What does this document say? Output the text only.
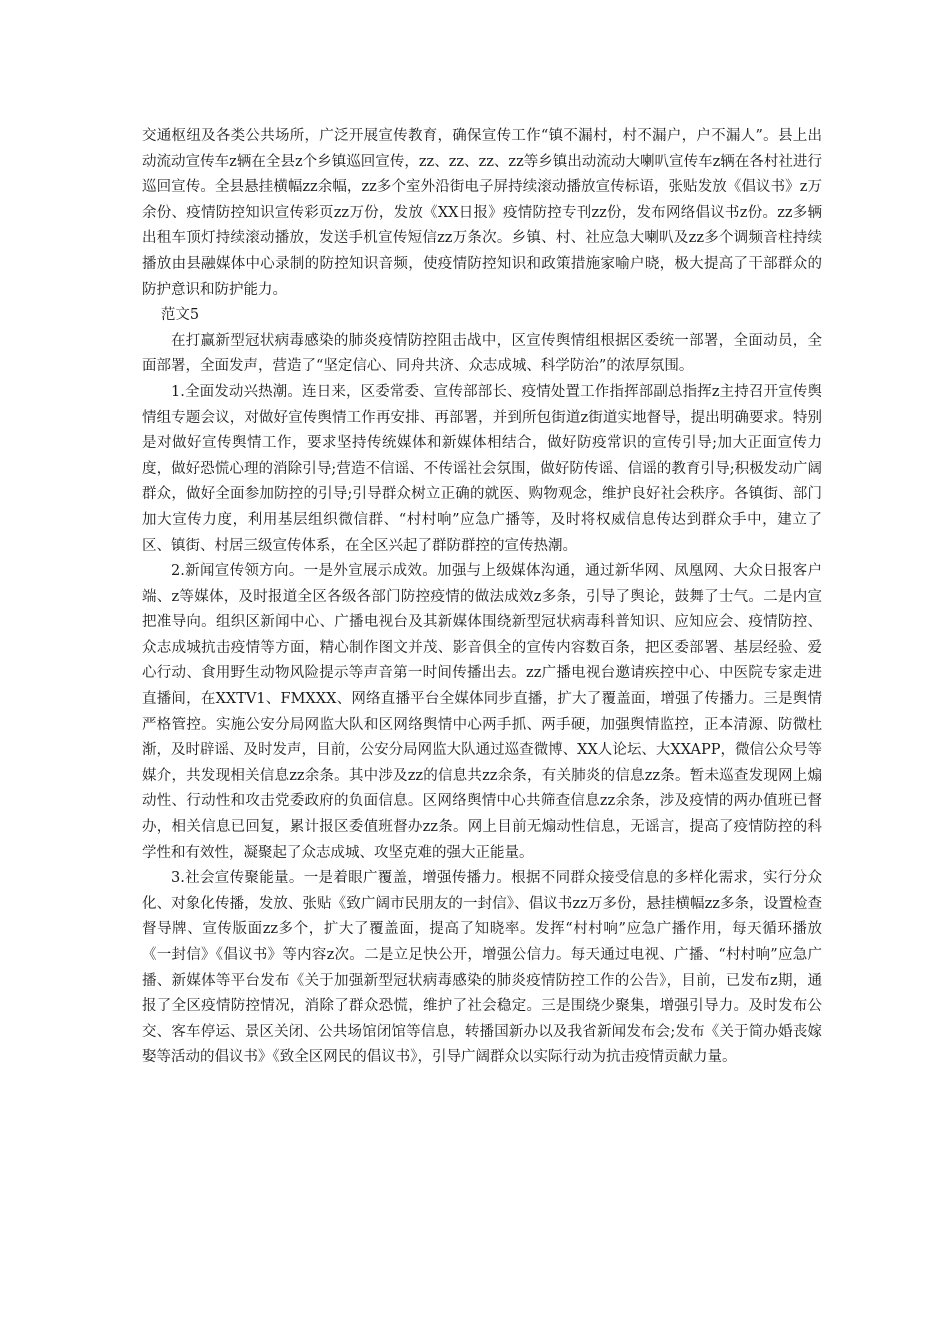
交通枢纽及各类公共场所，广泛开展宣传教育，确保宣传工作“镇不漏村，村不漏户，户不漏人”。县上出动流动宣传车z辆在全县z个乡镇巡回宣传，zz、zz、zz、zz等乡镇出动流动大喇叭宣传车z辆在各村社进行巡回宣传。全县悬挂横幅zz余幅，zz多个室外沿街电子屏持续滚动播放宣传标语，张贴发放《倡议书》z万余份、疫情防控知识宣传彩页zz万份，发放《XX日报》疫情防控专刊zz份，发布网络倡议书z份。zz多辆出租车顶灯持续滚动播放，发送手机宣传短信zz万条次。乡镇、村、社应急大喇叭及zz多个调频音柱持续播放由县融媒体中心录制的防控知识音频，使疫情防控知识和政策措施家喻户晓，极大提高了干部群众的防护意识和防护能力。

范文5

在打赢新型冠状病毒感染的肺炎疫情防控阻击战中，区宣传舆情组根据区委统一部署，全面动员，全面部署，全面发声，营造了“坚定信心、同舟共济、众志成城、科学防治”的浓厚氛围。

1.全面发动兴热潮。连日来，区委常委、宣传部部长、疫情处置工作指挥部副总指挥z主持召开宣传舆情组专题会议，对做好宣传舆情工作再安排、再部署，并到所包街道z街道实地督导，提出明确要求。特别是对做好宣传舆情工作，要求坚持传统媒体和新媒体相结合，做好防疫常识的宣传引导;加大正面宣传力度，做好恐慌心理的消除引导;营造不信谣、不传谣社会氛围，做好防传谣、信谣的教育引导;积极发动广阔群众，做好全面参加防控的引导;引导群众树立正确的就医、购物观念，维护良好社会秩序。各镇街、部门加大宣传力度，利用基层组织微信群、“村村响”应急广播等，及时将权威信息传达到群众手中，建立了区、镇街、村居三级宣传体系，在全区兴起了群防群控的宣传热潮。

2.新闻宣传领方向。一是外宣展示成效。加强与上级媒体沟通，通过新华网、凤凰网、大众日报客户端、z等媒体，及时报道全区各级各部门防控疫情的做法成效z多条，引导了舆论，鼓舞了士气。二是内宣把准导向。组织区新闻中心、广播电视台及其新媒体围绕新型冠状病毒科普知识、应知应会、疫情防控、众志成城抗击疫情等方面，精心制作图文并茂、影音俱全的宣传内容数百条，把区委部署、基层经验、爱心行动、食用野生动物风险提示等声音第一时间传播出去。zz广播电视台邀请疾控中心、中医院专家走进直播间，在XXTV1、FMXXX、网络直播平台全媒体同步直播，扩大了覆盖面，增强了传播力。三是舆情严格管控。实施公安分局网监大队和区网络舆情中心两手抓、两手硬，加强舆情监控，正本清源、防微杜渐，及时辟谣、及时发声，目前，公安分局网监大队通过巡查微博、XX人论坛、大XXAPP，微信公众号等媒介，共发现相关信息zz余条。其中涉及zz的信息共zz余条，有关肺炎的信息zz条。暂未巡查发现网上煽动性、行动性和攻击党委政府的负面信息。区网络舆情中心共筛查信息zz余条，涉及疫情的两办值班已督办，相关信息已回复，累计报区委值班督办zz条。网上目前无煽动性信息，无谣言，提高了疫情防控的科学性和有效性，凝聚起了众志成城、攻坚克难的强大正能量。

3.社会宣传聚能量。一是着眼广覆盖，增强传播力。根据不同群众接受信息的多样化需求，实行分众化、对象化传播，发放、张贴《致广阔市民朋友的一封信》、倡议书zz万多份，悬挂横幅zz多条，设置检查督导牌、宣传版面zz多个，扩大了覆盖面，提高了知晓率。发挥“村村响”应急广播作用，每天循环播放《一封信》《倡议书》等内容z次。二是立足快公开，增强公信力。每天通过电视、广播、“村村响”应急广播、新媒体等平台发布《关于加强新型冠状病毒感染的肺炎疫情防控工作的公告》，目前，已发布z期，通报了全区疫情防控情况，消除了群众恐慌，维护了社会稳定。三是围绕少聚集，增强引导力。及时发布公交、客车停运、景区关闭、公共场馆闭馆等信息，转播国新办以及我省新闻发布会;发布《关于简办婚丧嫁娶等活动的倡议书》《致全区网民的倡议书》，引导广阔群众以实际行动为抗击疫情贡献力量。
